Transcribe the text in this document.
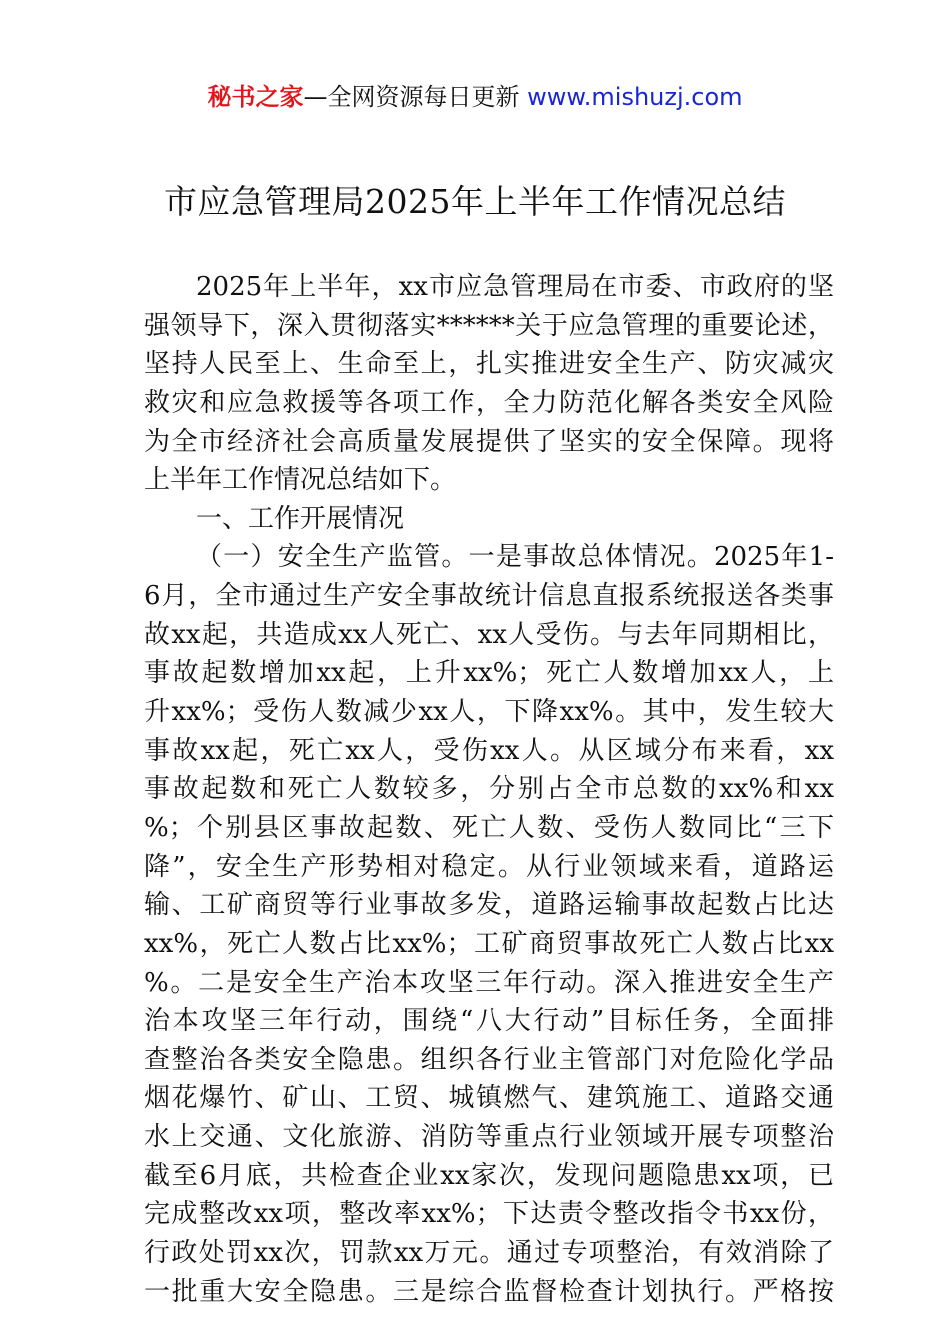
秘书之家—全网资源每日更新 www.mishuzj.com
市应急管理局2025年上半年工作情况总结
2025年上半年，xx市应急管理局在市委、市政府的坚
强领导下，深入贯彻落实******关于应急管理的重要论述，
坚持人民至上、生命至上，扎实推进安全生产、防灾减灾
救灾和应急救援等各项工作，全力防范化解各类安全风险
为全市经济社会高质量发展提供了坚实的安全保障。现将
上半年工作情况总结如下。
一、工作开展情况
（一）安全生产监管。一是事故总体情况。2025年1-
6月，全市通过生产安全事故统计信息直报系统报送各类事
故xx起，共造成xx人死亡、xx人受伤。与去年同期相比，
事故起数增加xx起，上升xx%；死亡人数增加xx人，上
升xx%；受伤人数减少xx人，下降xx%。其中，发生较大
事故xx起，死亡xx人，受伤xx人。从区域分布来看，xx
事故起数和死亡人数较多，分别占全市总数的xx%和xx
%；个别县区事故起数、死亡人数、受伤人数同比“三下
降”，安全生产形势相对稳定。从行业领域来看，道路运
输、工矿商贸等行业事故多发，道路运输事故起数占比达
xx%，死亡人数占比xx%；工矿商贸事故死亡人数占比xx
%。二是安全生产治本攻坚三年行动。深入推进安全生产
治本攻坚三年行动，围绕“八大行动”目标任务，全面排
查整治各类安全隐患。组织各行业主管部门对危险化学品
烟花爆竹、矿山、工贸、城镇燃气、建筑施工、道路交通
水上交通、文化旅游、消防等重点行业领域开展专项整治
截至6月底，共检查企业xx家次，发现问题隐患xx项，已
完成整改xx项，整改率xx%；下达责令整改指令书xx份，
行政处罚xx次，罚款xx万元。通过专项整治，有效消除了
一批重大安全隐患。三是综合监督检查计划执行。严格按
